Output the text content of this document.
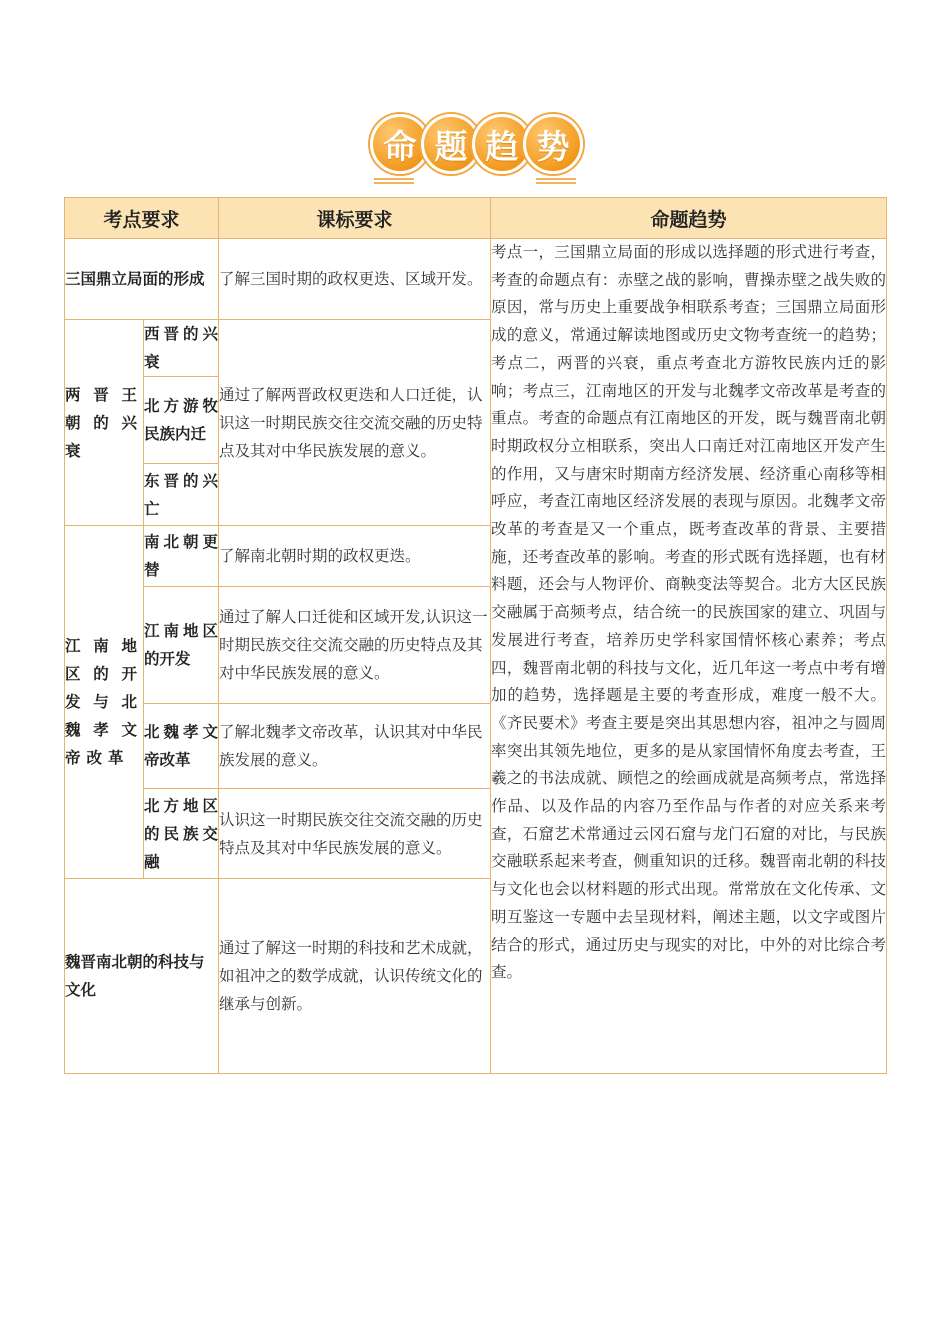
命 题 趋 势
考点要求		课标要求	命题趋势
三国鼎立局面的形成		了解三国时期的政权更迭、区域开发。	考点一，三国鼎立局面的形成以选择题的形式进行考查，考查的命题点有：赤壁之战的影响，曹操赤壁之战失败的原因，常与历史上重要战争相联系考查；三国鼎立局面形成的意义，常通过解读地图或历史文物考查统一的趋势；考点二，两晋的兴衰，重点考查北方游牧民族内迁的影响；考点三，江南地区的开发与北魏孝文帝改革是考查的重点。考查的命题点有江南地区的开发，既与魏晋南北朝时期政权分立相联系，突出人口南迁对江南地区开发产生的作用，又与唐宋时期南方经济发展、经济重心南移等相呼应，考查江南地区经济发展的表现与原因。北魏孝文帝改革的考查是又一个重点，既考查改革的背景、主要措施，还考查改革的影响。考查的形式既有选择题，也有材料题，还会与人物评价、商鞅变法等契合。北方大区民族交融属于高频考点，结合统一的民族国家的建立、巩固与发展进行考查，培养历史学科家国情怀核心素养；考点四，魏晋南北朝的科技与文化，近几年这一考点中考有增加的趋势，选择题是主要的考查形成，难度一般不大。《齐民要术》考查主要是突出其思想内容，祖冲之与圆周率突出其领先地位，更多的是从家国情怀角度去考查，王羲之的书法成就、顾恺之的绘画成就是高频考点，常选择作品、以及作品的内容乃至作品与作者的对应关系来考查，石窟艺术常通过云冈石窟与龙门石窟的对比，与民族交融联系起来考查，侧重知识的迁移。魏晋南北朝的科技与文化也会以材料题的形式出现。常常放在文化传承、文明互鉴这一专题中去呈现材料，阐述主题，以文字或图片结合的形式，通过历史与现实的对比，中外的对比综合考查。

两晋王朝的兴衰	西晋的兴衰	通过了解两晋政权更迭和人口迁徙，认识这一时期民族交往交流交融的历史特点及其对中华民族发展的意义。	
	北方游牧民族内迁		
	东晋的兴亡		
江南地区的开发与北魏孝文帝改革	南北朝更替	了解南北朝时期的政权更迭。	
	江南地区的开发	通过了解人口迁徙和区域开发,认识这一时期民族交往交流交融的历史特点及其对中华民族发展的意义。	
	北魏孝文帝改革	了解北魏孝文帝改革，认识其对中华民族发展的意义。	
	北方地区的民族交融	认识这一时期民族交往交流交融的历史特点及其对中华民族发展的意义。	
魏晋南北朝的科技与文化		通过了解这一时期的科技和艺术成就，如祖冲之的数学成就，认识传统文化的继承与创新。	
